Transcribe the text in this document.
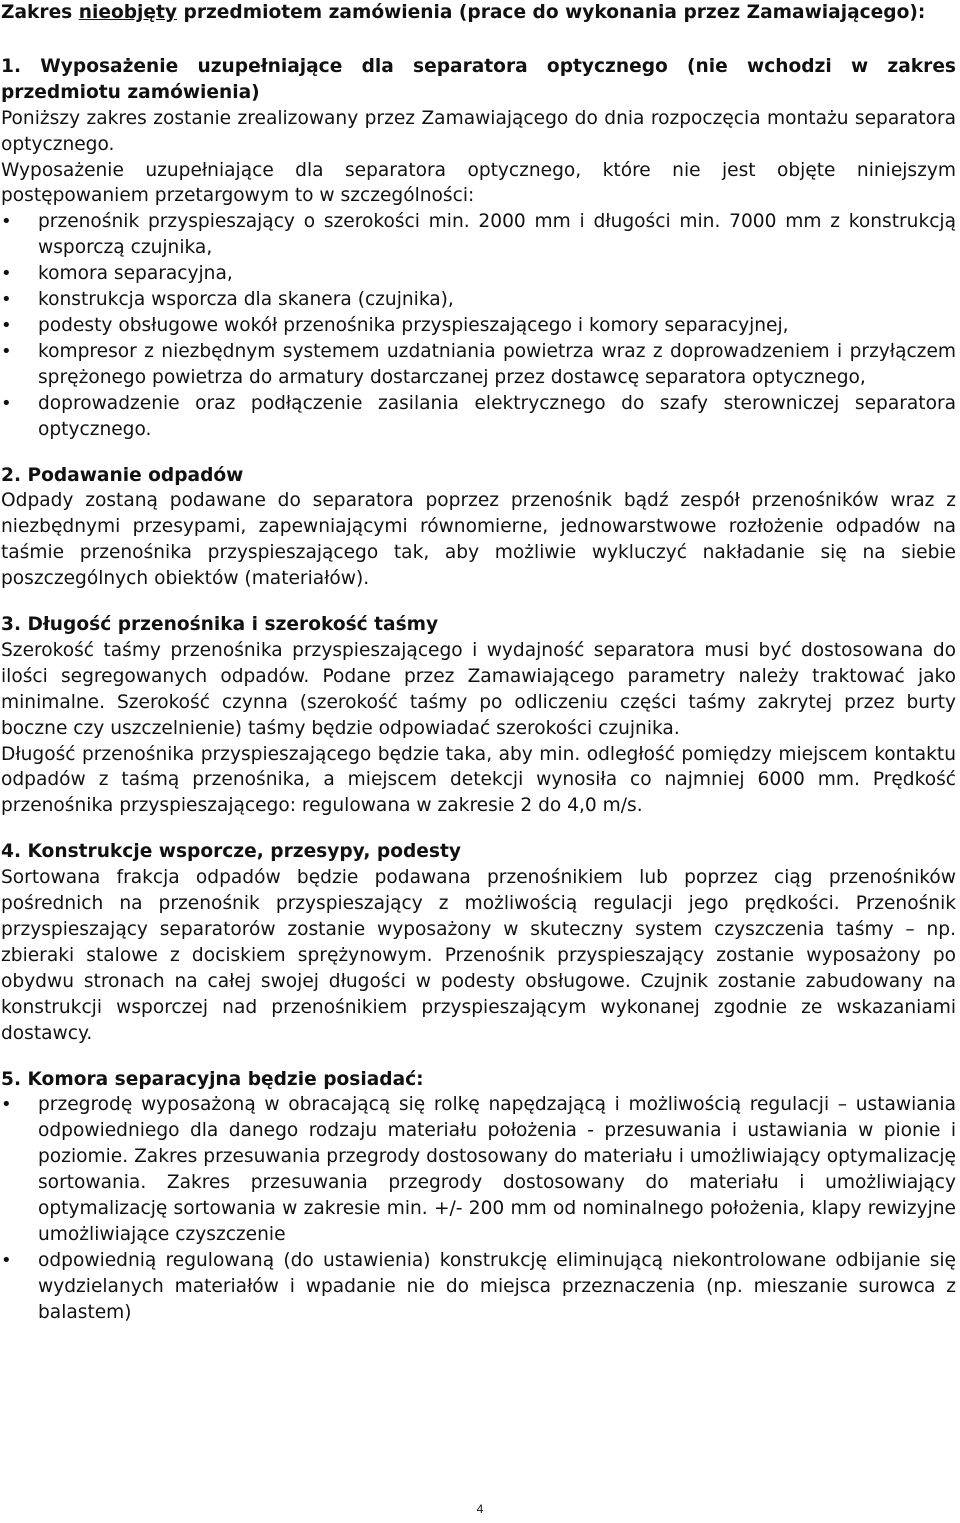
Zakres nieobjęty przedmiotem zamówienia (prace do wykonania przez Zamawiającego):

1. Wyposażenie uzupełniające dla separatora optycznego (nie wchodzi w zakres przedmiotu zamówienia)

Poniższy zakres zostanie zrealizowany przez Zamawiającego do dnia rozpoczęcia montażu separatora optycznego.

Wyposażenie uzupełniające dla separatora optycznego, które nie jest objęte niniejszym postępowaniem przetargowym to w szczególności:

• przenośnik przyspieszający o szerokości min. 2000 mm i długości min. 7000 mm z konstrukcją wsporczą czujnika,
• komora separacyjna,
• konstrukcja wsporcza dla skanera (czujnika),
• podesty obsługowe wokół przenośnika przyspieszającego i komory separacyjnej,
• kompresor z niezbędnym systemem uzdatniania powietrza wraz z doprowadzeniem i przyłączem sprężonego powietrza do armatury dostarczanej przez dostawcę separatora optycznego,
• doprowadzenie oraz podłączenie zasilania elektrycznego do szafy sterowniczej separatora optycznego.

2. Podawanie odpadów

Odpady zostaną podawane do separatora poprzez przenośnik bądź zespół przenośników wraz z niezbędnymi przesypami, zapewniającymi równomierne, jednowarstwowe rozłożenie odpadów na taśmie przenośnika przyspieszającego tak, aby możliwie wykluczyć nakładanie się na siebie poszczególnych obiektów (materiałów).

3. Długość przenośnika i szerokość taśmy

Szerokość taśmy przenośnika przyspieszającego i wydajność separatora musi być dostosowana do ilości segregowanych odpadów. Podane przez Zamawiającego parametry należy traktować jako minimalne. Szerokość czynna (szerokość taśmy po odliczeniu części taśmy zakrytej przez burty boczne czy uszczelnienie) taśmy będzie odpowiadać szerokości czujnika.

Długość przenośnika przyspieszającego będzie taka, aby min. odległość pomiędzy miejscem kontaktu odpadów z taśmą przenośnika, a miejscem detekcji wynosiła co najmniej 6000 mm. Prędkość przenośnika przyspieszającego: regulowana w zakresie 2 do 4,0 m/s.

4. Konstrukcje wsporcze, przesypy, podesty

Sortowana frakcja odpadów będzie podawana przenośnikiem lub poprzez ciąg przenośników pośrednich na przenośnik przyspieszający z możliwością regulacji jego prędkości. Przenośnik przyspieszający separatorów zostanie wyposażony w skuteczny system czyszczenia taśmy – np. zbieraki stalowe z dociskiem sprężynowym. Przenośnik przyspieszający zostanie wyposażony po obydwu stronach na całej swojej długości w podesty obsługowe. Czujnik zostanie zabudowany na konstrukcji wsporczej nad przenośnikiem przyspieszającym wykonanej zgodnie ze wskazaniami dostawcy.

5. Komora separacyjna będzie posiadać:

• przegrodę wyposażoną w obracającą się rolkę napędzającą i możliwością regulacji – ustawiania odpowiedniego dla danego rodzaju materiału położenia - przesuwania i ustawiania w pionie i poziomie. Zakres przesuwania przegrody dostosowany do materiału i umożliwiający optymalizację sortowania. Zakres przesuwania przegrody dostosowany do materiału i umożliwiający optymalizację sortowania w zakresie min. +/- 200 mm od nominalnego położenia, klapy rewizyjne umożliwiające czyszczenie
• odpowiednią regulowaną (do ustawienia) konstrukcję eliminującą niekontrolowane odbijanie się wydzielanych materiałów i wpadanie nie do miejsca przeznaczenia (np. mieszanie surowca z balastem)
4
